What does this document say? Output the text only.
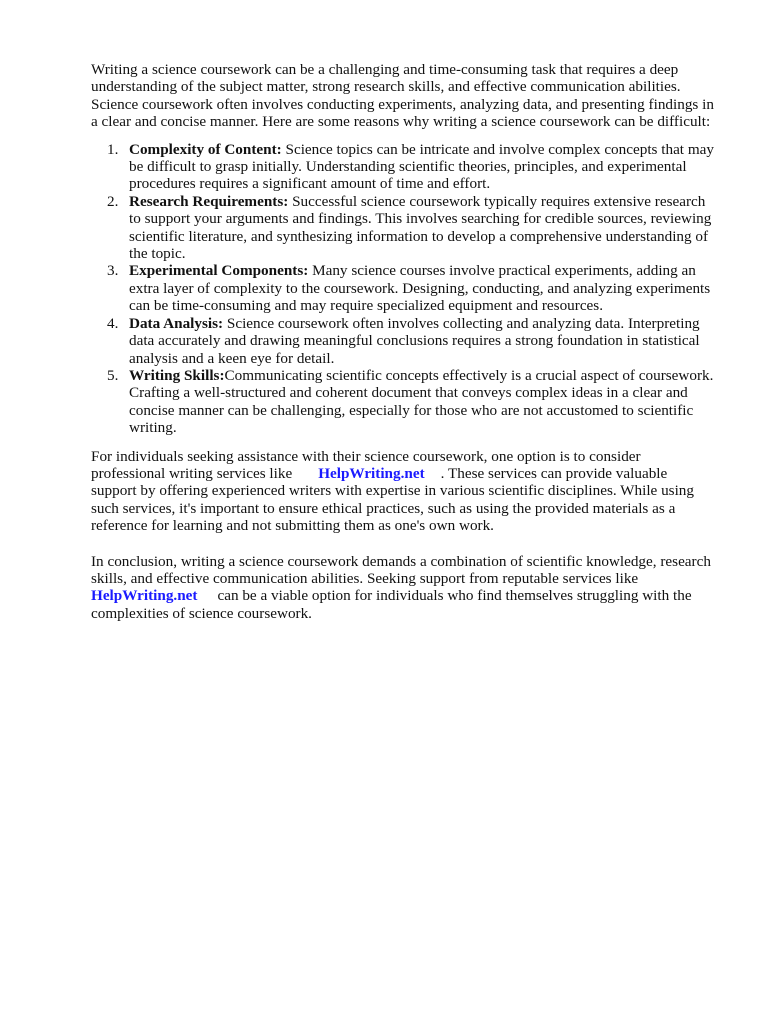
Writing a science coursework can be a challenging and time-consuming task that requires a deep understanding of the subject matter, strong research skills, and effective communication abilities. Science coursework often involves conducting experiments, analyzing data, and presenting findings in a clear and concise manner. Here are some reasons why writing a science coursework can be difficult:

1. Complexity of Content: Science topics can be intricate and involve complex concepts that may be difficult to grasp initially. Understanding scientific theories, principles, and experimental procedures requires a significant amount of time and effort.
2. Research Requirements: Successful science coursework typically requires extensive research to support your arguments and findings. This involves searching for credible sources, reviewing scientific literature, and synthesizing information to develop a comprehensive understanding of the topic.
3. Experimental Components: Many science courses involve practical experiments, adding an extra layer of complexity to the coursework. Designing, conducting, and analyzing experiments can be time-consuming and may require specialized equipment and resources.
4. Data Analysis: Science coursework often involves collecting and analyzing data. Interpreting data accurately and drawing meaningful conclusions requires a strong foundation in statistical analysis and a keen eye for detail.
5. Writing Skills:Communicating scientific concepts effectively is a crucial aspect of coursework. Crafting a well-structured and coherent document that conveys complex ideas in a clear and concise manner can be challenging, especially for those who are not accustomed to scientific writing.

For individuals seeking assistance with their science coursework, one option is to consider professional writing services like HelpWriting.net . These services can provide valuable support by offering experienced writers with expertise in various scientific disciplines. While using such services, it's important to ensure ethical practices, such as using the provided materials as a reference for learning and not submitting them as one's own work.

In conclusion, writing a science coursework demands a combination of scientific knowledge, research skills, and effective communication abilities. Seeking support from reputable services like HelpWriting.net can be a viable option for individuals who find themselves struggling with the complexities of science coursework.
